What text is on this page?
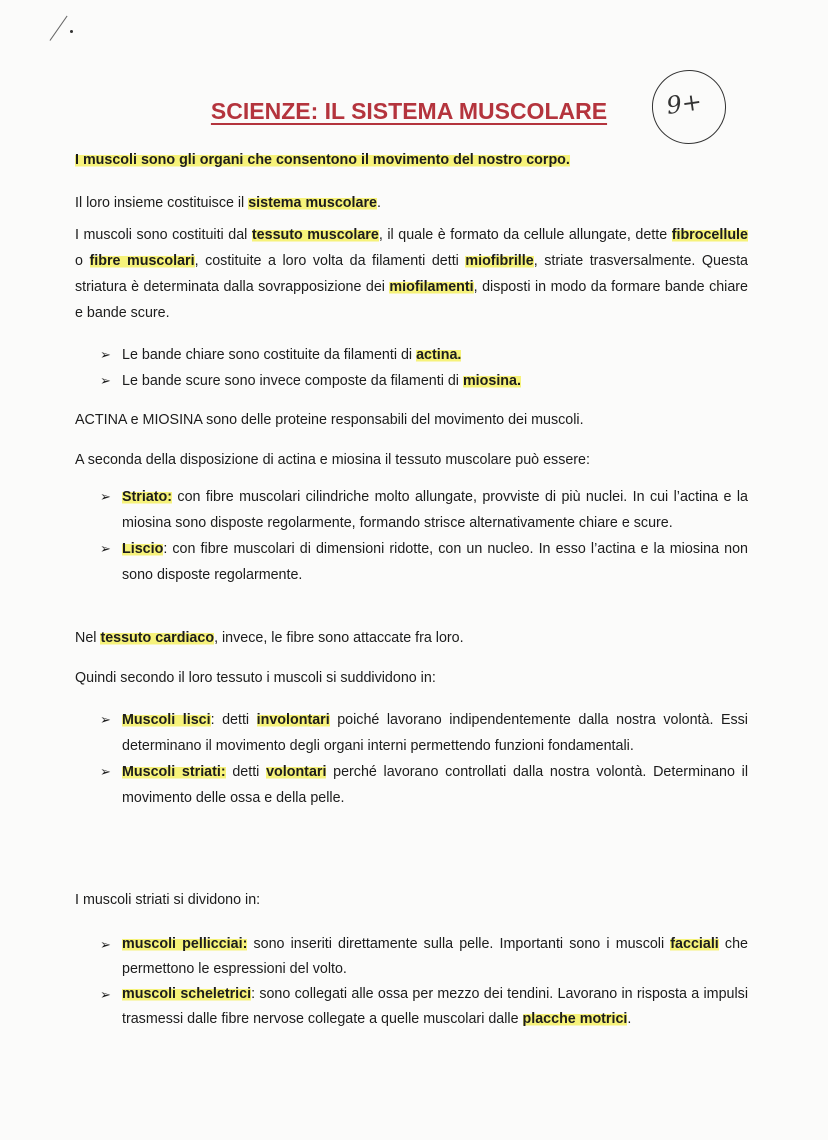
SCIENZE: IL SISTEMA MUSCOLARE	9+
I muscoli sono gli organi che consentono il movimento del nostro corpo.
Il loro insieme costituisce il sistema muscolare.
I muscoli sono costituiti dal tessuto muscolare, il quale è formato da cellule allungate, dette fibrocellule o fibre muscolari, costituite a loro volta da filamenti detti miofibrille, striate trasversalmente. Questa striatura è determinata dalla sovrapposizione dei miofilamenti, disposti in modo da formare bande chiare e bande scure.
➢ Le bande chiare sono costituite da filamenti di actina.
➢ Le bande scure sono invece composte da filamenti di miosina.
ACTINA e MIOSINA sono delle proteine responsabili del movimento dei muscoli.
A seconda della disposizione di actina e miosina il tessuto muscolare può essere:
➢ Striato: con fibre muscolari cilindriche molto allungate, provviste di più nuclei. In cui l’actina e la miosina sono disposte regolarmente, formando strisce alternativamente chiare e scure.
➢ Liscio: con fibre muscolari di dimensioni ridotte, con un nucleo. In esso l’actina e la miosina non sono disposte regolarmente.
Nel tessuto cardiaco, invece, le fibre sono attaccate fra loro.
Quindi secondo il loro tessuto i muscoli si suddividono in:
➢ Muscoli lisci: detti involontari poiché lavorano indipendentemente dalla nostra volontà. Essi determinano il movimento degli organi interni permettendo funzioni fondamentali.
➢ Muscoli striati: detti volontari perché lavorano controllati dalla nostra volontà. Determinano il movimento delle ossa e della pelle.
I muscoli striati si dividono in:
➢ muscoli pellicciai: sono inseriti direttamente sulla pelle. Importanti sono i muscoli facciali che permettono le espressioni del volto.
➢ muscoli scheletrici: sono collegati alle ossa per mezzo dei tendini. Lavorano in risposta a impulsi trasmessi dalle fibre nervose collegate a quelle muscolari dalle placche motrici.
